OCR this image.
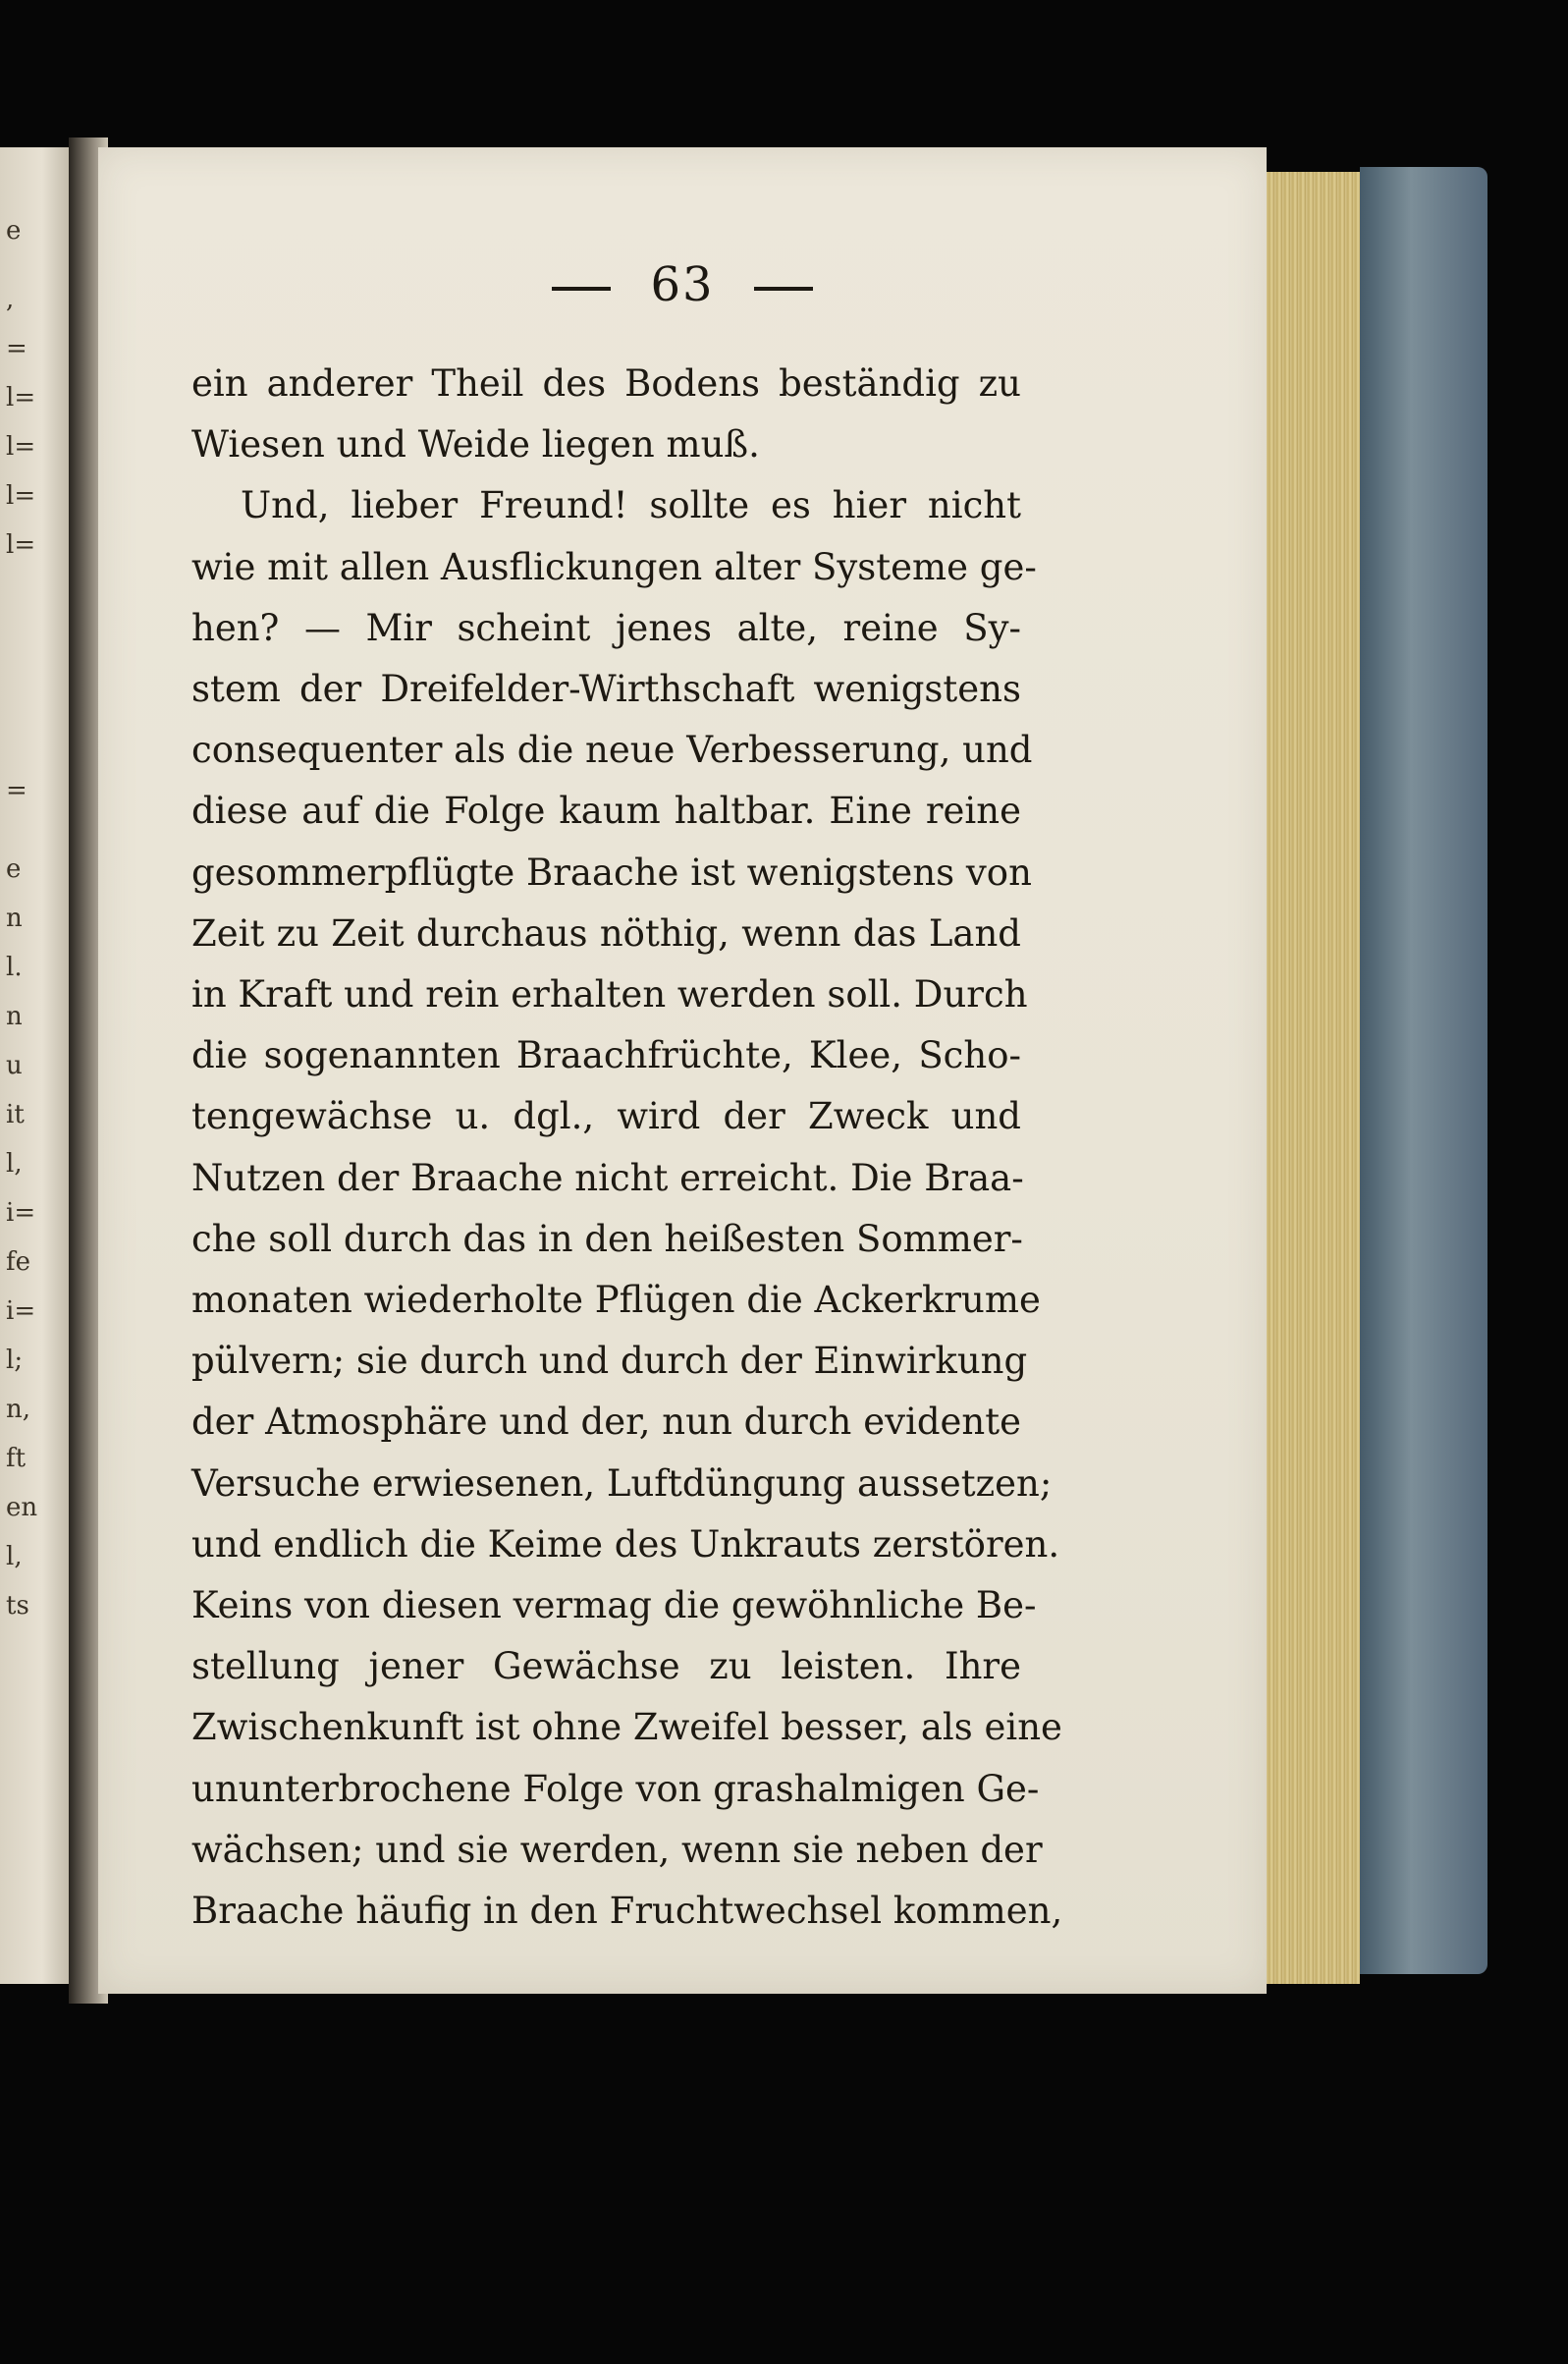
e
,
=
l=
l=
l=
l=
=
e
n
l.
n
u
it
l,
i=
fe
i=
l;
n,
ft
en
l,
ts
63
ein anderer Theil des Bodens beständig zu
Wiesen und Weide liegen muß.
Und, lieber Freund! sollte es hier nicht
wie mit allen Ausflickungen alter Systeme ge-
hen? — Mir scheint jenes alte, reine Sy-
stem der Dreifelder-Wirthschaft wenigstens
consequenter als die neue Verbesserung, und
diese auf die Folge kaum haltbar. Eine reine
gesommerpflügte Braache ist wenigstens von
Zeit zu Zeit durchaus nöthig, wenn das Land
in Kraft und rein erhalten werden soll. Durch
die sogenannten Braachfrüchte, Klee, Scho-
tengewächse u. dgl., wird der Zweck und
Nutzen der Braache nicht erreicht. Die Braa-
che soll durch das in den heißesten Sommer-
monaten wiederholte Pflügen die Ackerkrume
pülvern; sie durch und durch der Einwirkung
der Atmosphäre und der, nun durch evidente
Versuche erwiesenen, Luftdüngung aussetzen;
und endlich die Keime des Unkrauts zerstören.
Keins von diesen vermag die gewöhnliche Be-
stellung jener Gewächse zu leisten. Ihre
Zwischenkunft ist ohne Zweifel besser, als eine
ununterbrochene Folge von grashalmigen Ge-
wächsen; und sie werden, wenn sie neben der
Braache häufig in den Fruchtwechsel kommen,
